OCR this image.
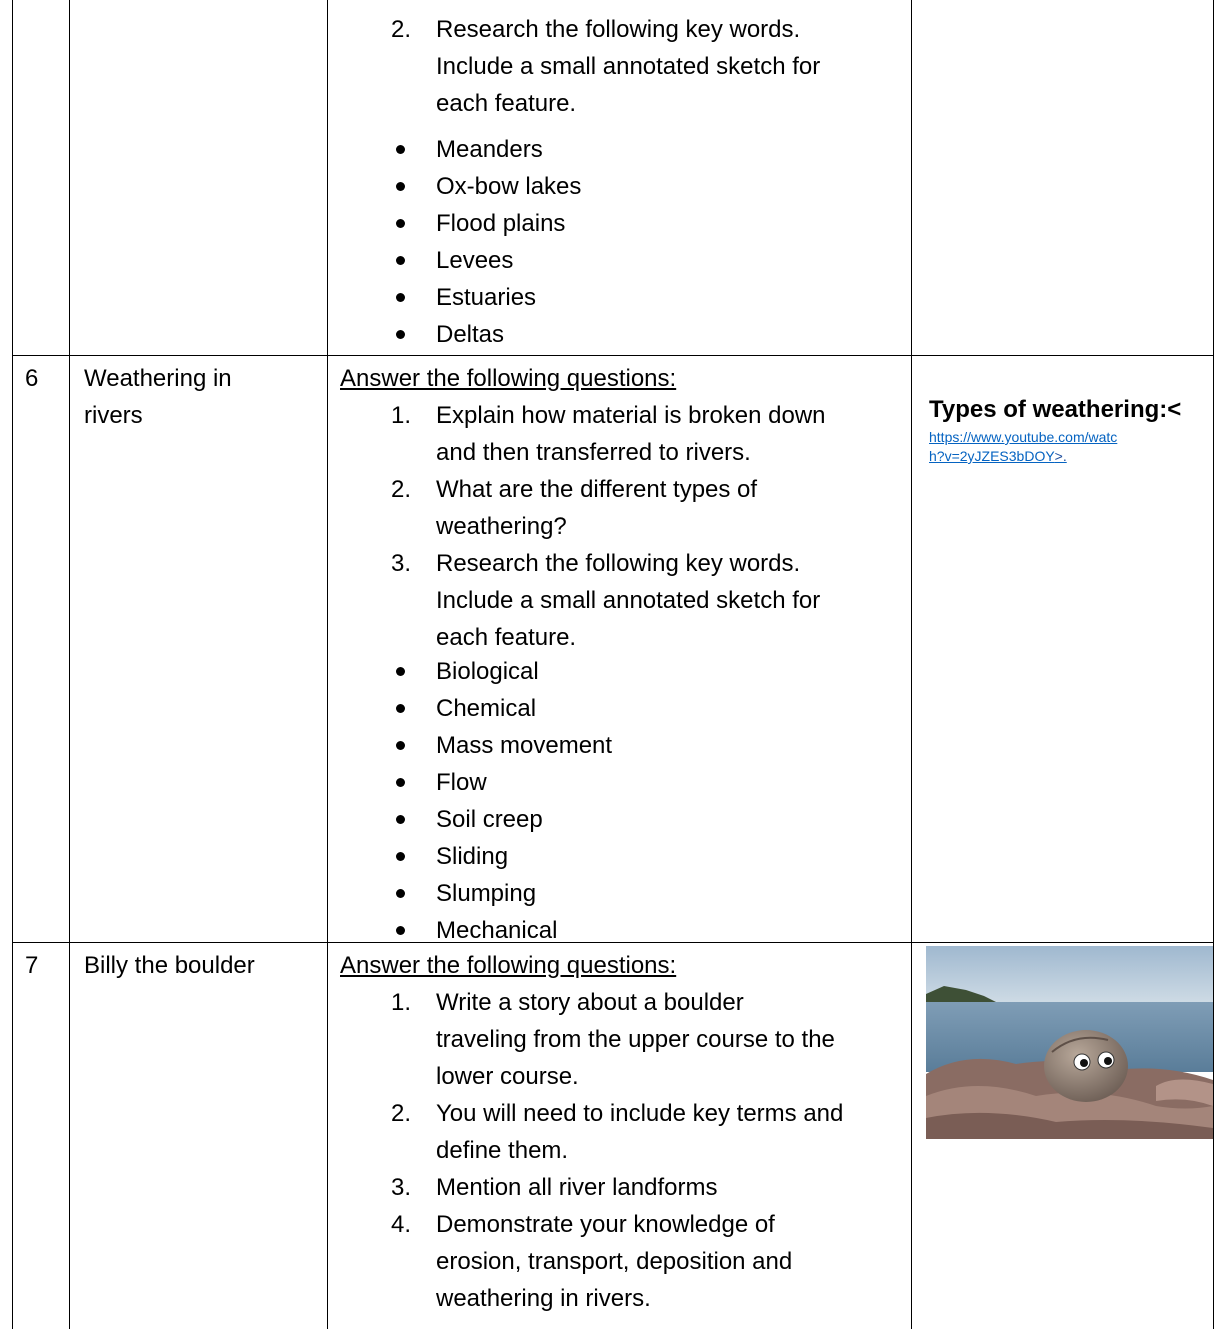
2. Research the following key words.
Include a small annotated sketch for
each feature.
Meanders
Ox-bow lakes
Flood plains
Levees
Estuaries
Deltas
6 Weathering in
rivers
Answer the following questions:
1. Explain how material is broken down
and then transferred to rivers.
2. What are the different types of
weathering?
3. Research the following key words.
Include a small annotated sketch for
each feature.
Biological
Chemical
Mass movement
Flow
Soil creep
Sliding
Slumping
Mechanical
Types of weathering:<
https://www.youtube.com/watc
h?v=2yJZES3bDOY>.
7 Billy the boulder	Answer the following questions:
1. Write a story about a boulder
traveling from the upper course to the
lower course.
2. You will need to include key terms and
define them.
3. Mention all river landforms
4. Demonstrate your knowledge of
erosion, transport, deposition and
weathering in rivers.
